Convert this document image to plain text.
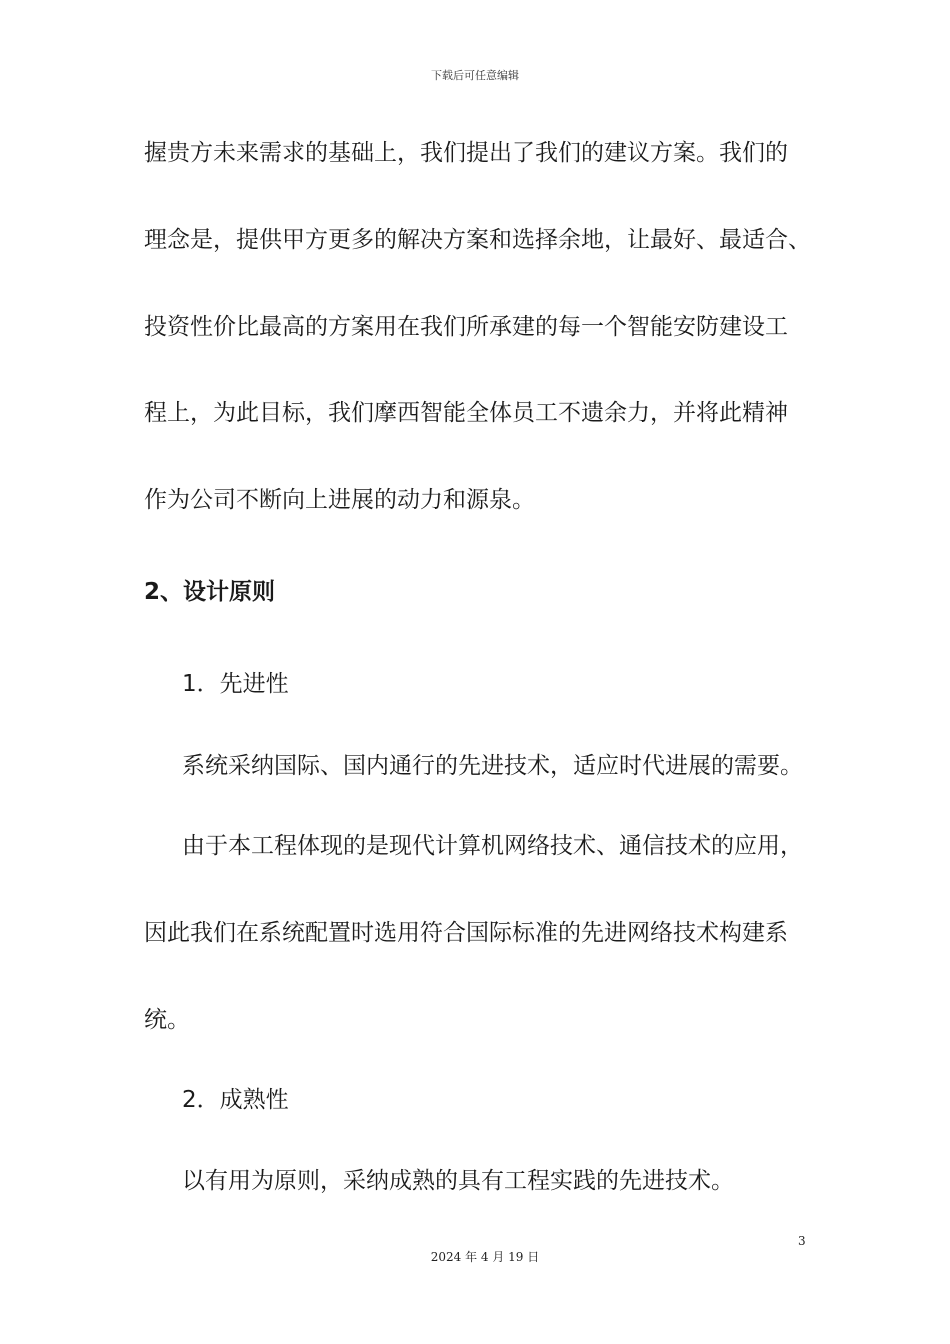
下载后可任意编辑
握贵方未来需求的基础上，我们提出了我们的建议方案。我们的
理念是，提供甲方更多的解决方案和选择余地，让最好、最适合、
投资性价比最高的方案用在我们所承建的每一个智能安防建设工
程上，为此目标，我们摩西智能全体员工不遗余力，并将此精神
作为公司不断向上进展的动力和源泉。
2、设计原则
1．先进性
系统采纳国际、国内通行的先进技术，适应时代进展的需要。
由于本工程体现的是现代计算机网络技术、通信技术的应用，
因此我们在系统配置时选用符合国际标准的先进网络技术构建系
统。
2．成熟性
以有用为原则，采纳成熟的具有工程实践的先进技术。
3
2024 年 4 月 19 日
